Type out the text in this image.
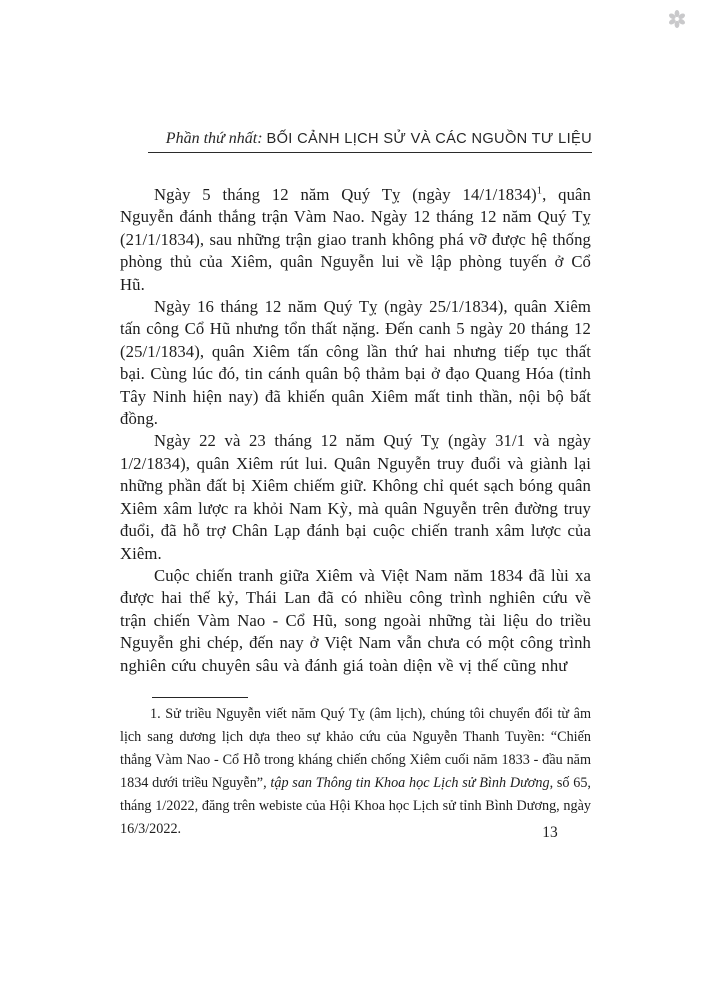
Phần thứ nhất: BỐI CẢNH LỊCH SỬ VÀ CÁC NGUỒN TƯ LIỆU

Ngày 5 tháng 12 năm Quý Tỵ (ngày 14/1/1834)$^1$, quân Nguyễn đánh thắng trận Vàm Nao. Ngày 12 tháng 12 năm Quý Tỵ (21/1/1834), sau những trận giao tranh không phá vỡ được hệ thống phòng thủ của Xiêm, quân Nguyễn lui về lập phòng tuyến ở Cổ Hũ.

Ngày 16 tháng 12 năm Quý Tỵ (ngày 25/1/1834), quân Xiêm tấn công Cổ Hũ nhưng tổn thất nặng. Đến canh 5 ngày 20 tháng 12 (25/1/1834), quân Xiêm tấn công lần thứ hai nhưng tiếp tục thất bại. Cùng lúc đó, tin cánh quân bộ thảm bại ở đạo Quang Hóa (tỉnh Tây Ninh hiện nay) đã khiến quân Xiêm mất tinh thần, nội bộ bất đồng.

Ngày 22 và 23 tháng 12 năm Quý Tỵ (ngày 31/1 và ngày 1/2/1834), quân Xiêm rút lui. Quân Nguyễn truy đuổi và giành lại những phần đất bị Xiêm chiếm giữ. Không chỉ quét sạch bóng quân Xiêm xâm lược ra khỏi Nam Kỳ, mà quân Nguyễn trên đường truy đuổi, đã hỗ trợ Chân Lạp đánh bại cuộc chiến tranh xâm lược của Xiêm.

Cuộc chiến tranh giữa Xiêm và Việt Nam năm 1834 đã lùi xa được hai thế kỷ, Thái Lan đã có nhiều công trình nghiên cứu về trận chiến Vàm Nao - Cổ Hũ, song ngoài những tài liệu do triều Nguyễn ghi chép, đến nay ở Việt Nam vẫn chưa có một công trình nghiên cứu chuyên sâu và đánh giá toàn diện về vị thế cũng như

1. Sử triều Nguyễn viết năm Quý Tỵ (âm lịch), chúng tôi chuyển đổi từ âm lịch sang dương lịch dựa theo sự khảo cứu của Nguyễn Thanh Tuyền: “Chiến thắng Vàm Nao - Cổ Hỗ trong kháng chiến chống Xiêm cuối năm 1833 - đầu năm 1834 dưới triều Nguyễn”, tập san Thông tin Khoa học Lịch sử Bình Dương, số 65, tháng 1/2022, đăng trên webiste của Hội Khoa học Lịch sử tỉnh Bình Dương, ngày 16/3/2022.	13
